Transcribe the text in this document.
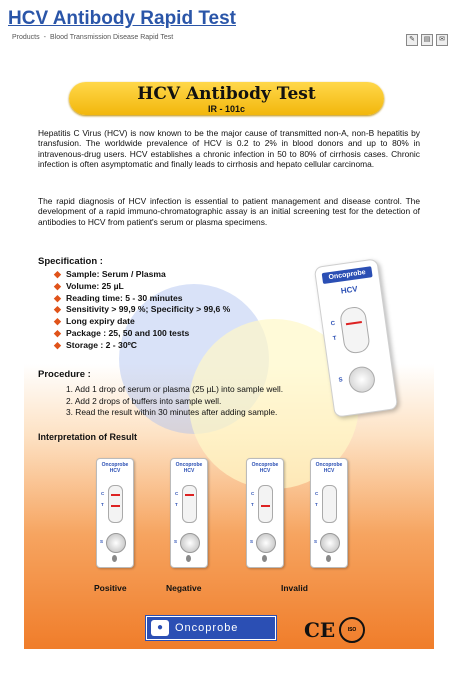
HCV Antibody Rapid Test
Products - Blood Transmission Disease Rapid Test	✎	▤	✉
HCV Antibody Test
IR - 101c
Hepatitis C Virus (HCV) is now known to be the major cause of transmitted non-A, non-B hepatitis by transfusion. The worldwide prevalence of HCV is 0.2 to 2% in blood donors and up to 80% in intravenous-drug users. HCV establishes a chronic infection in 50 to 80% of cirrhosis cases. Chronic infection is often asymptomatic and finally leads to cirrhosis and hepato cellular carcinoma.
The rapid diagnosis of HCV infection is essential to patient management and disease control. The development of a rapid immuno-chromatographic assay is an initial screening test for the detection of antibodies to HCV from patient's serum or plasma specimens.
Specification :
◆ Sample: Serum / Plasma
◆ Volume: 25 µL
◆ Reading time: 5 - 30 minutes
◆ Sensitivity > 99,9 %; Specificity > 99,6 %
◆ Long expiry date
◆ Package : 25, 50 and 100 tests
◆ Storage : 2 - 30ºC
Oncoprobe
HCV
C
T
S
Procedure :
1. Add 1 drop of serum or plasma (25 µL) into sample well.
2. Add 2 drops of buffers into sample well.
3. Read the result within 30 minutes after adding sample.
Interpretation of Result
Oncoprobe
HCV
C
T
S
Oncoprobe
HCV
C
T
S
Oncoprobe
HCV
C
T
S
Oncoprobe
HCV
C
T
S
Positive	Negative	Invalid
●	Oncoprobe	CE	ISO
medicalogy.com
